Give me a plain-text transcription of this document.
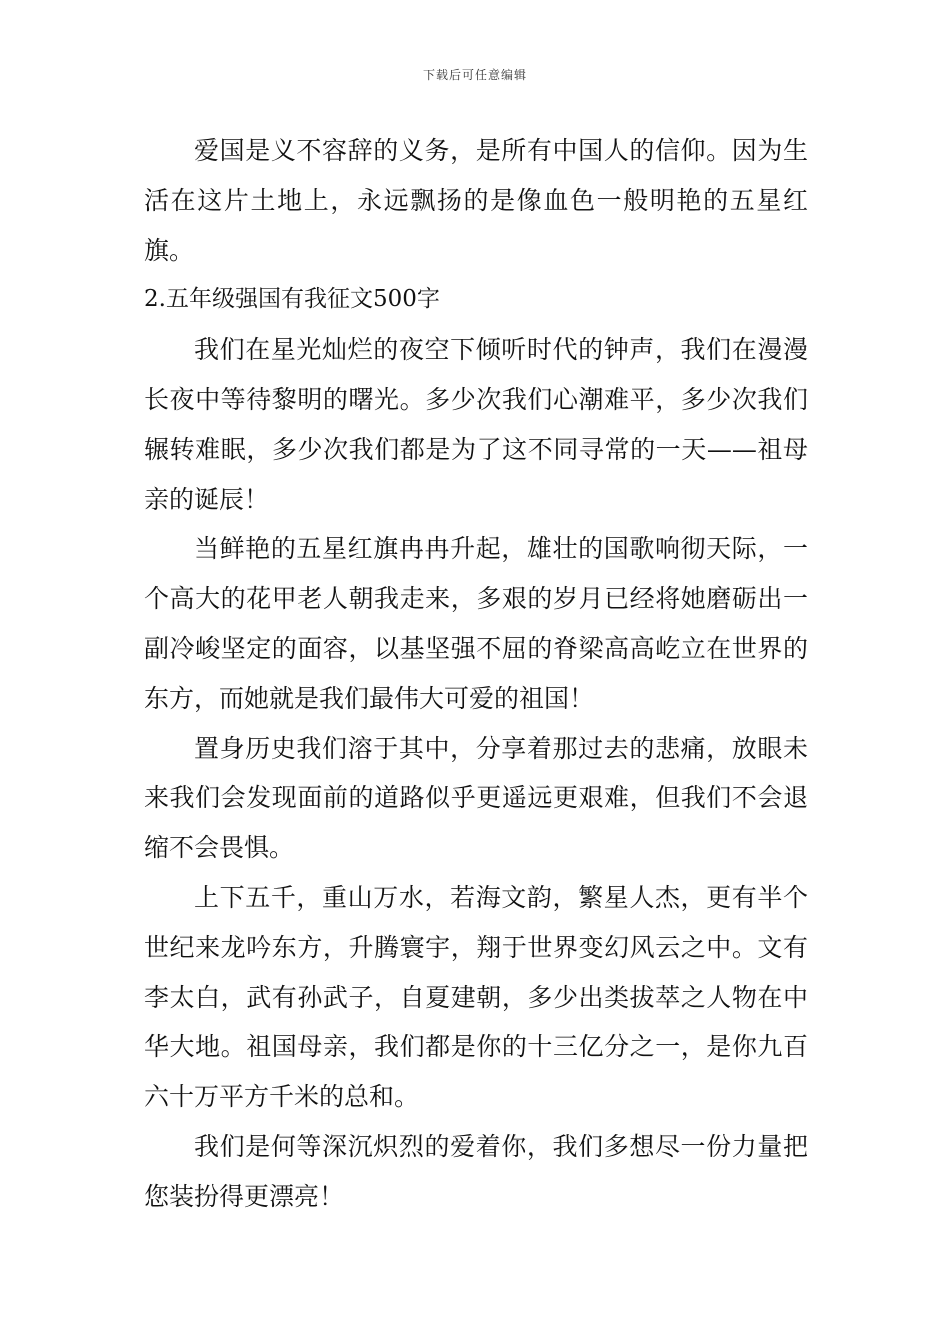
下载后可任意编辑

爱国是义不容辞的义务，是所有中国人的信仰。因为生活在这片土地上，永远飘扬的是像血色一般明艳的五星红旗。

2.五年级强国有我征文500字

我们在星光灿烂的夜空下倾听时代的钟声，我们在漫漫长夜中等待黎明的曙光。多少次我们心潮难平，多少次我们辗转难眠，多少次我们都是为了这不同寻常的一天——祖母亲的诞辰！

当鲜艳的五星红旗冉冉升起，雄壮的国歌响彻天际，一个高大的花甲老人朝我走来，多艰的岁月已经将她磨砺出一副冷峻坚定的面容，以基坚强不屈的脊梁高高屹立在世界的东方，而她就是我们最伟大可爱的祖国！

置身历史我们溶于其中，分享着那过去的悲痛，放眼未来我们会发现面前的道路似乎更遥远更艰难，但我们不会退缩不会畏惧。

上下五千，重山万水，若海文韵，繁星人杰，更有半个世纪来龙吟东方，升腾寰宇，翔于世界变幻风云之中。文有李太白，武有孙武子，自夏建朝，多少出类拔萃之人物在中华大地。祖国母亲，我们都是你的十三亿分之一，是你九百六十万平方千米的总和。

我们是何等深沉炽烈的爱着你，我们多想尽一份力量把您装扮得更漂亮！
